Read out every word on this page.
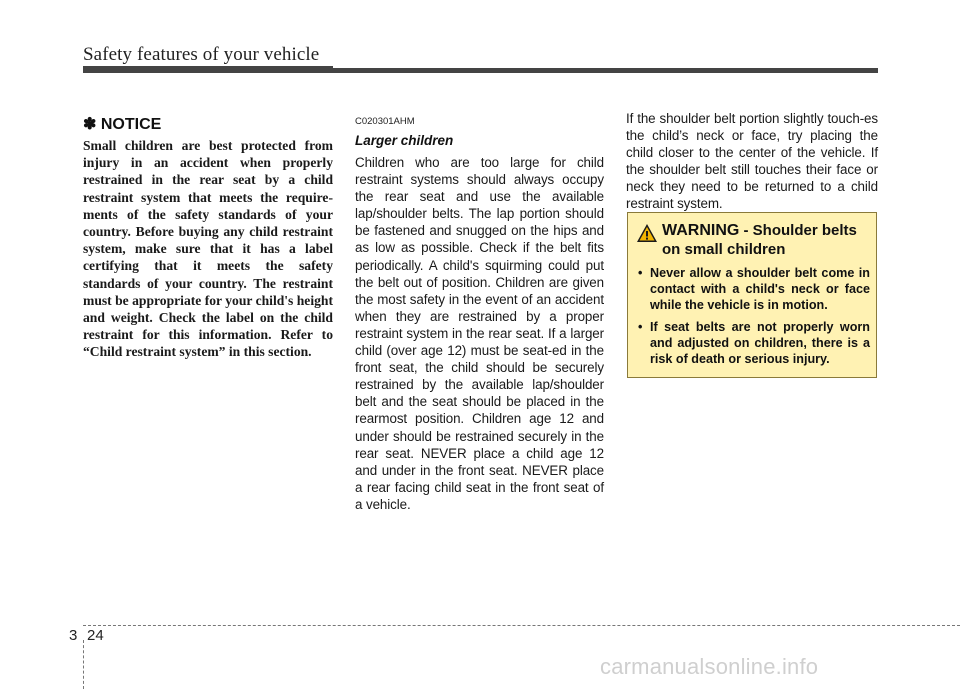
Safety features of your vehicle
✽ NOTICE
Small children are best protected from injury in an accident when properly restrained in the rear seat by a child restraint system that meets the require-ments of the safety standards of your country. Before buying any child restraint system, make sure that it has a label certifying that it meets the safety standards of your country. The restraint must be appropriate for your child's height and weight. Check the label on the child restraint for this information. Refer to “Child restraint system” in this section.
C020301AHM
Larger children
Children who are too large for child restraint systems should always occupy the rear seat and use the available lap/shoulder belts. The lap portion should be fastened and snugged on the hips and as low as possible. Check if the belt fits periodically. A child's squirming could put the belt out of position. Children are given the most safety in the event of an accident when they are restrained by a proper restraint system in the rear seat. If a larger child (over age 12) must be seat-ed in the front seat, the child should be securely restrained by the available lap/shoulder belt and the seat should be placed in the rearmost position. Children age 12 and under should be restrained securely in the rear seat. NEVER place a child age 12 and under in the front seat. NEVER place a rear facing child seat in the front seat of a vehicle.
If the shoulder belt portion slightly touch-es the child’s neck or face, try placing the child closer to the center of the vehicle. If the shoulder belt still touches their face or neck they need to be returned to a child restraint system.
WARNING - Shoulder belts
on small children
• Never allow a shoulder belt come in contact with a child's neck or face while the vehicle is in motion.
• If seat belts are not properly worn and adjusted on children, there is a risk of death or serious injury.
3 24
carmanualsonline.info
